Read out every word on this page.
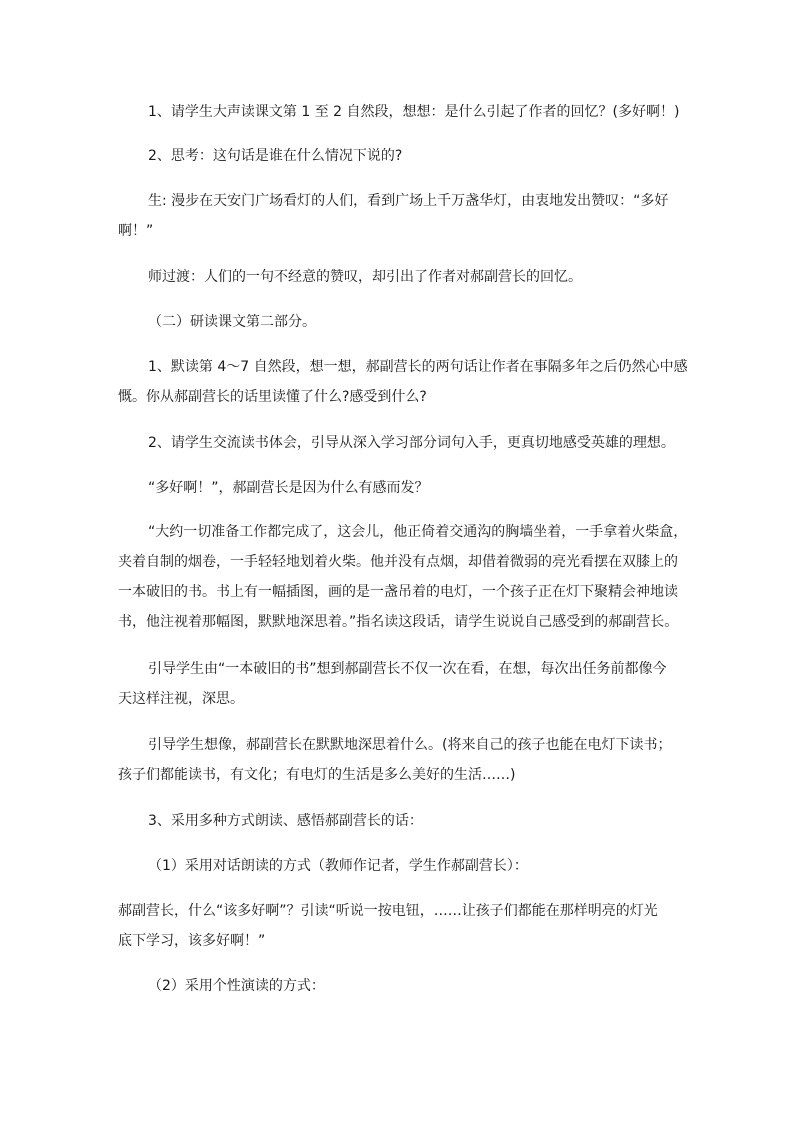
1、请学生大声读课文第 1 至 2 自然段，想想：是什么引起了作者的回忆？(多好啊！)
2、思考：这句话是谁在什么情况下说的?
生: 漫步在天安门广场看灯的人们，看到广场上千万盏华灯，由衷地发出赞叹：“多好
啊！”
师过渡：人们的一句不经意的赞叹，却引出了作者对郝副营长的回忆。
（二）研读课文第二部分。
1、默读第 4～7 自然段，想一想，郝副营长的两句话让作者在事隔多年之后仍然心中感
慨。你从郝副营长的话里读懂了什么?感受到什么?
2、请学生交流读书体会，引导从深入学习部分词句入手，更真切地感受英雄的理想。
“多好啊！”，郝副营长是因为什么有感而发？
“大约一切准备工作都完成了，这会儿，他正倚着交通沟的胸墙坐着，一手拿着火柴盒，
夹着自制的烟卷，一手轻轻地划着火柴。他并没有点烟，却借着微弱的亮光看摆在双膝上的
一本破旧的书。书上有一幅插图，画的是一盏吊着的电灯，一个孩子正在灯下聚精会神地读
书，他注视着那幅图，默默地深思着。”指名读这段话，请学生说说自己感受到的郝副营长。
引导学生由“一本破旧的书”想到郝副营长不仅一次在看，在想，每次出任务前都像今
天这样注视，深思。
引导学生想像，郝副营长在默默地深思着什么。(将来自己的孩子也能在电灯下读书；
孩子们都能读书，有文化；有电灯的生活是多么美好的生活……)
3、采用多种方式朗读、感悟郝副营长的话：
（1）采用对话朗读的方式（教师作记者，学生作郝副营长）：
郝副营长，什么“该多好啊”？引读“听说一按电钮，……让孩子们都能在那样明亮的灯光
底下学习，该多好啊！”
（2）采用个性演读的方式：
